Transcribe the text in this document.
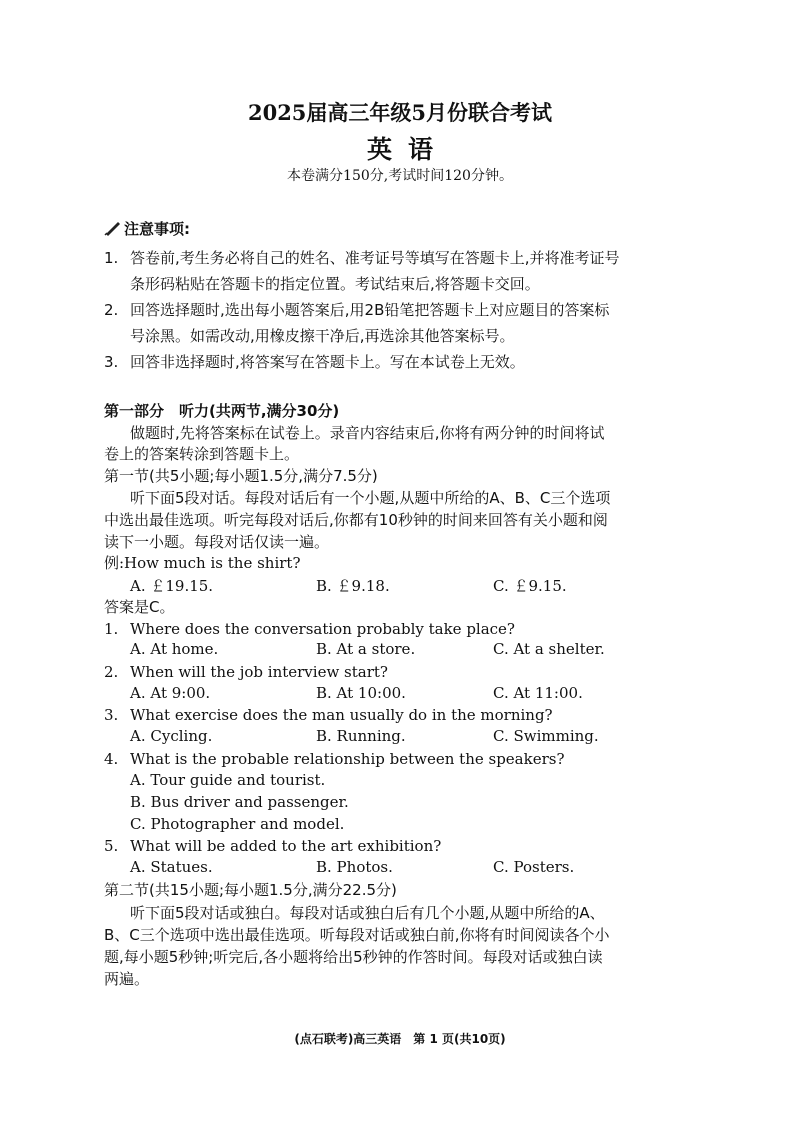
2025届高三年级5月份联合考试
英语

本卷满分150分,考试时间120分钟。

注意事项:
1. 答卷前,考生务必将自己的姓名、准考证号等填写在答题卡上,并将准考证号
条形码粘贴在答题卡的指定位置。考试结束后,将答题卡交回。
2. 回答选择题时,选出每小题答案后,用2B铅笔把答题卡上对应题目的答案标
号涂黑。如需改动,用橡皮擦干净后,再选涂其他答案标号。
3. 回答非选择题时,将答案写在答题卡上。写在本试卷上无效。
第一部分　听力(共两节,满分30分)
做题时,先将答案标在试卷上。录音内容结束后,你将有两分钟的时间将试
卷上的答案转涂到答题卡上。
第一节(共5小题;每小题1.5分,满分7.5分)
听下面5段对话。每段对话后有一个小题,从题中所给的A、B、C三个选项
中选出最佳选项。听完每段对话后,你都有10秒钟的时间来回答有关小题和阅
读下一小题。每段对话仅读一遍。
例:How much is the shirt?
A. ￡19.15.	B. ￡9.18.	C. ￡9.15.
答案是C。
1. Where does the conversation probably take place?
A. At home.	B. At a store.	C. At a shelter.
2. When will the job interview start?
A. At 9:00.	B. At 10:00.	C. At 11:00.
3. What exercise does the man usually do in the morning?
A. Cycling.	B. Running.	C. Swimming.
4. What is the probable relationship between the speakers?
A. Tour guide and tourist.
B. Bus driver and passenger.
C. Photographer and model.
5. What will be added to the art exhibition?
A. Statues.	B. Photos.	C. Posters.
第二节(共15小题;每小题1.5分,满分22.5分)
听下面5段对话或独白。每段对话或独白后有几个小题,从题中所给的A、
B、C三个选项中选出最佳选项。听每段对话或独白前,你将有时间阅读各个小
题,每小题5秒钟;听完后,各小题将给出5秒钟的作答时间。每段对话或独白读
两遍。
(点石联考)高三英语　第 1 页(共10页)
